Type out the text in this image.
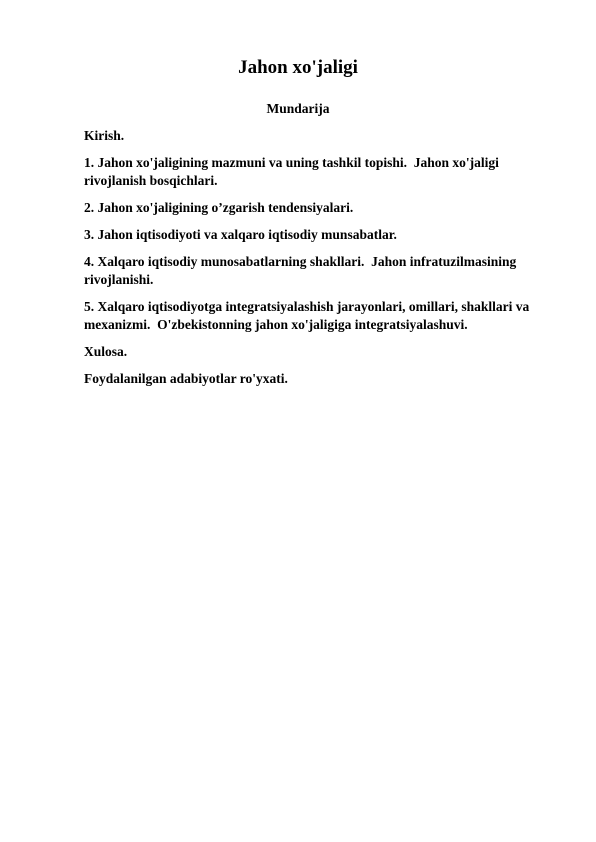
Jahon xo'jaligi
Mundarija

Kirish.

1. Jahon xo'jaligining mazmuni va uning tashkil topishi.  Jahon xo'jaligi rivojlanish bosqichlari.

2. Jahon xo'jaligining o’zgarish tendensiyalari.

3. Jahon iqtisodiyoti va xalqaro iqtisodiy munsabatlar.

4. Xalqaro iqtisodiy munosabatlarning shakllari.  Jahon infratuzilmasining rivojlanishi.

5. Xalqaro iqtisodiyotga integratsiyalashish jarayonlari, omillari, shakllari va mexanizmi.  O'zbekistonning jahon xo'jaligiga integratsiyalashuvi.

Xulosa.

Foydalanilgan adabiyotlar ro'yxati.
